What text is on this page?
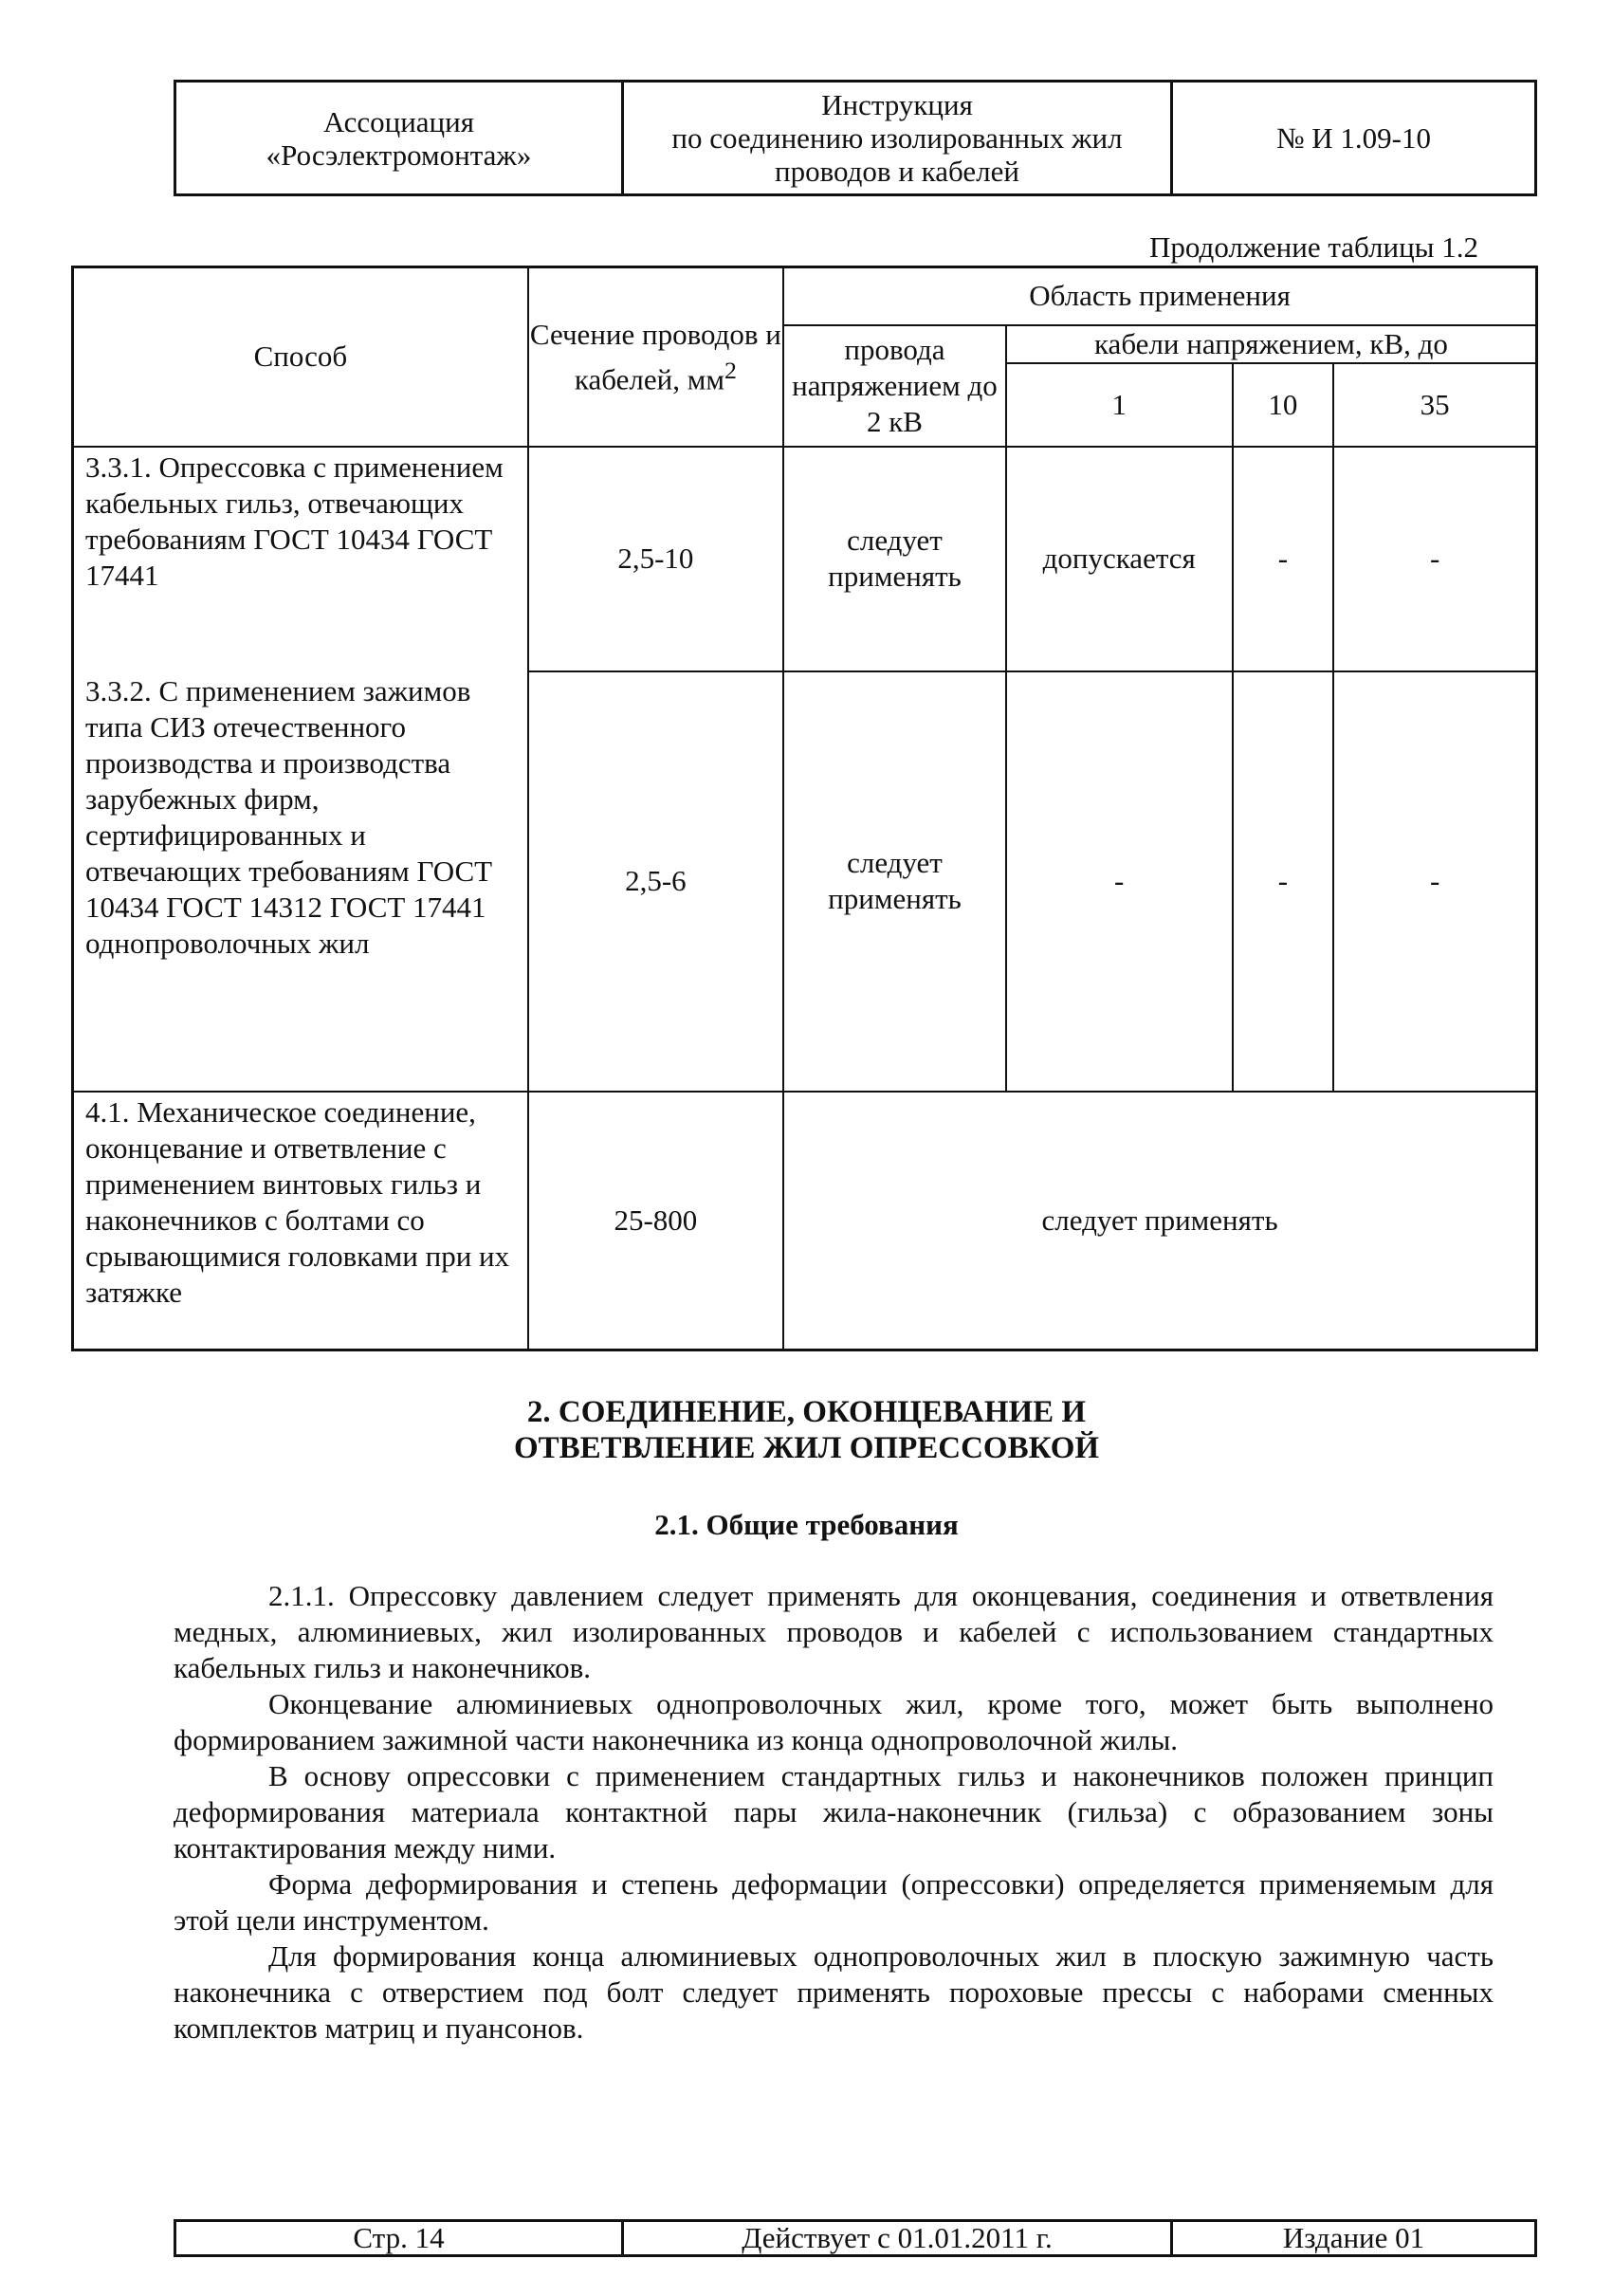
Ассоциация
«Росэлектромонтаж»

Инструкция
по соединению изолированных жил
проводов и кабелей
	№ И 1.09-10
Продолжение таблицы 1.2
Способ	Сечение проводов и кабелей, $мм^2$	Область применения			
		провода напряжением до 2 кВ	кабели напряжением, кВ, до		
			1	10	35
3.3.1. Опрессовка с применением кабельных гильз, отвечающих требованиям ГОСТ 10434 ГОСТ 17441	2,5-10	следует применять	допускается	-	-
3.3.2. С применением зажимов типа СИЗ отечественного производства и производства зарубежных фирм, сертифицированных и отвечающих требованиям ГОСТ 10434 ГОСТ 14312 ГОСТ 17441 однопроволочных жил	2,5-6	следует применять	-	-	-
4.1. Механическое соединение, оконцевание и ответвление с применением винтовых гильз и наконечников с болтами со срывающимися головками при их затяжке	25-800	следует применять			
2. СОЕДИНЕНИЕ, ОКОНЦЕВАНИЕ И
ОТВЕТВЛЕНИЕ ЖИЛ ОПРЕССОВКОЙ
2.1. Общие требования

2.1.1. Опрессовку давлением следует применять для оконцевания, соединения и ответвления медных, алюминиевых, жил изолированных проводов и кабелей с использованием стандартных кабельных гильз и наконечников.

Оконцевание алюминиевых однопроволочных жил, кроме того, может быть выполнено формированием зажимной части наконечника из конца однопроволочной жилы.

В основу опрессовки с применением стандартных гильз и наконечников положен принцип деформирования материала контактной пары жила-наконечник (гильза) с образованием зоны контактирования между ними.

Форма деформирования и степень деформации (опрессовки) определяется применяемым для этой цели инструментом.

Для формирования конца алюминиевых однопроволочных жил в плоскую зажимную часть наконечника с отверстием под болт следует применять пороховые прессы с наборами сменных комплектов матриц и пуансонов.

Стр. 14	Действует с 01.01.2011 г.	Издание 01
